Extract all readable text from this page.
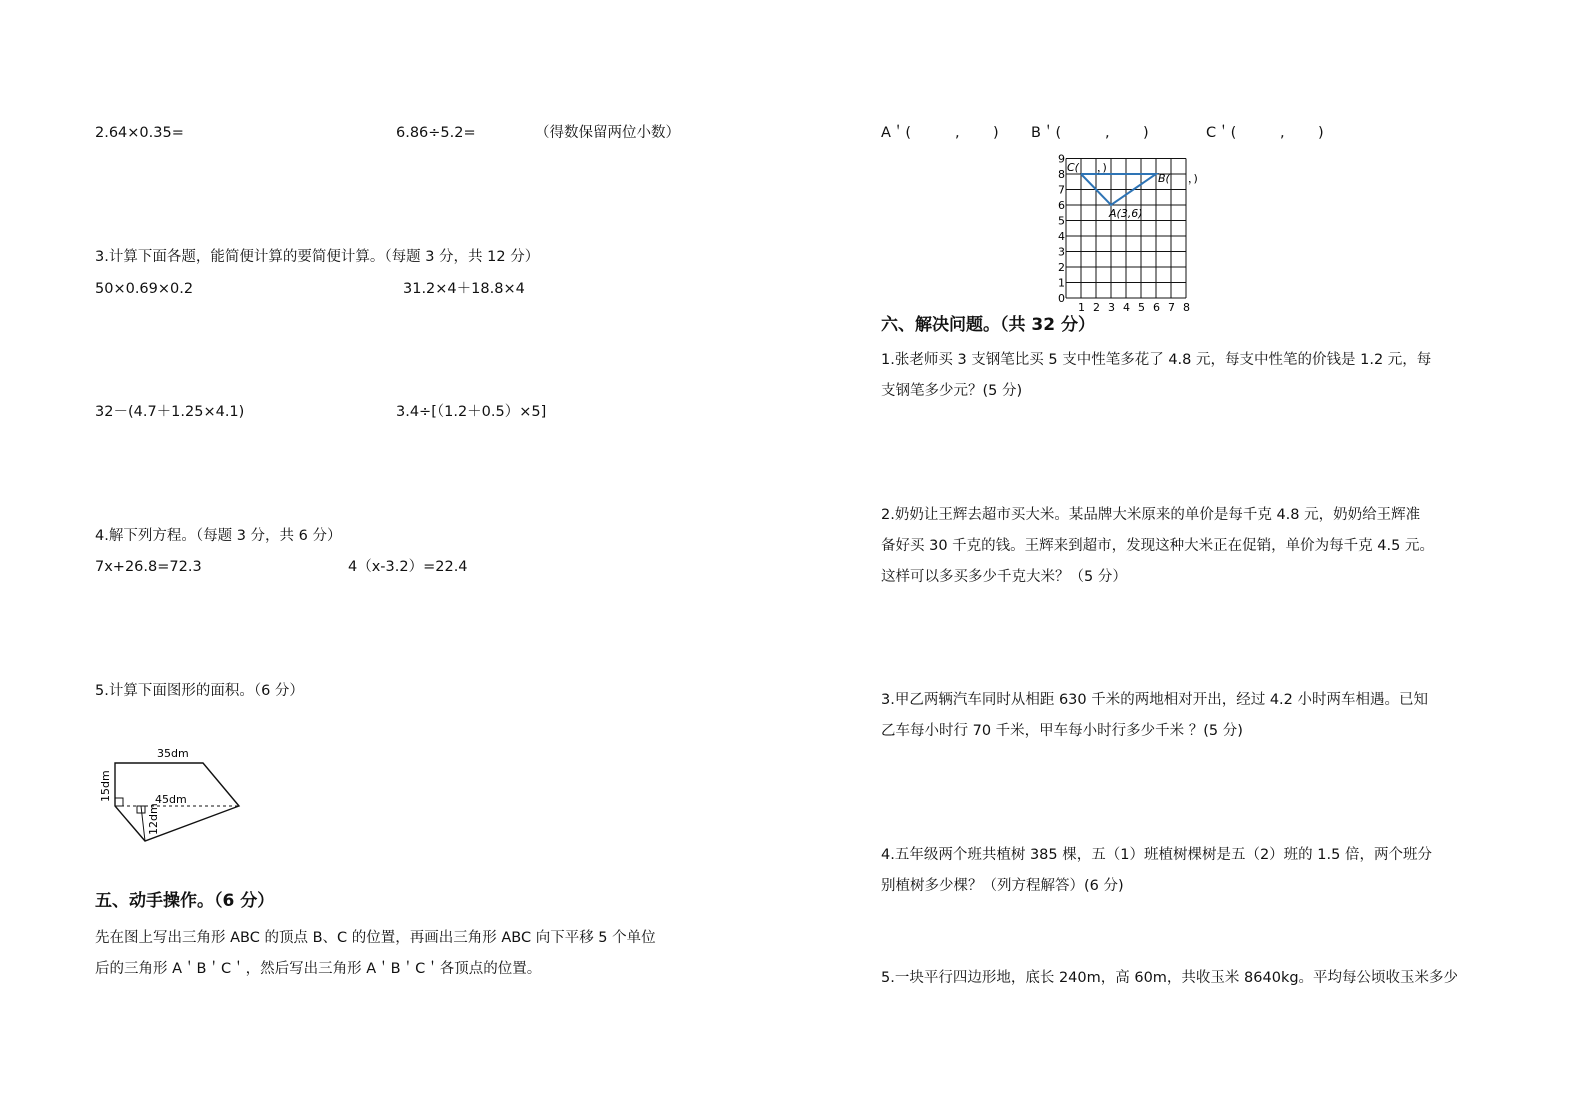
2.64×0.35=	6.86÷5.2=	（得数保留两位小数）
3.计算下面各题，能简便计算的要简便计算。（每题 3 分，共 12 分）
50×0.69×0.2	31.2×4＋18.8×4
32－(4.7＋1.25×4.1)	3.4÷[（1.2＋0.5）×5]
4.解下列方程。（每题 3 分，共 6 分）
7x+26.8=72.3	4（x-3.2）=22.4
5.计算下面图形的面积。（6 分）
35dm
15dm	45dm
12dm
五、动手操作。（6 分）
先在图上写出三角形 ABC 的顶点 B、C 的位置，再画出三角形 ABC 向下平移 5 个单位
后的三角形 A＇B＇C＇，然后写出三角形 A＇B＇C＇各顶点的位置。
A＇(	, ) B＇(	, )	C＇(	, )
9
8
7
6
5
4
3
2
1
0
1 2 3 4 5 6 7 8
C( ，)
B( ，)
A(3,6)
六、解决问题。（共 32 分）
1.张老师买 3 支钢笔比买 5 支中性笔多花了 4.8 元，每支中性笔的价钱是 1.2 元，每
支钢笔多少元？(5 分)
2.奶奶让王辉去超市买大米。某品牌大米原来的单价是每千克 4.8 元，奶奶给王辉准
备好买 30 千克的钱。王辉来到超市，发现这种大米正在促销，单价为每千克 4.5 元。
这样可以多买多少千克大米？（5 分）
3.甲乙两辆汽车同时从相距 630 千米的两地相对开出，经过 4.2 小时两车相遇。已知
乙车每小时行 70 千米，甲车每小时行多少千米 ？(5 分)
4.五年级两个班共植树 385 棵，五（1）班植树棵树是五（2）班的 1.5 倍，两个班分
别植树多少棵？（列方程解答）(6 分)
5.一块平行四边形地，底长 240m，高 60m，共收玉米 8640kg。平均每公顷收玉米多少
